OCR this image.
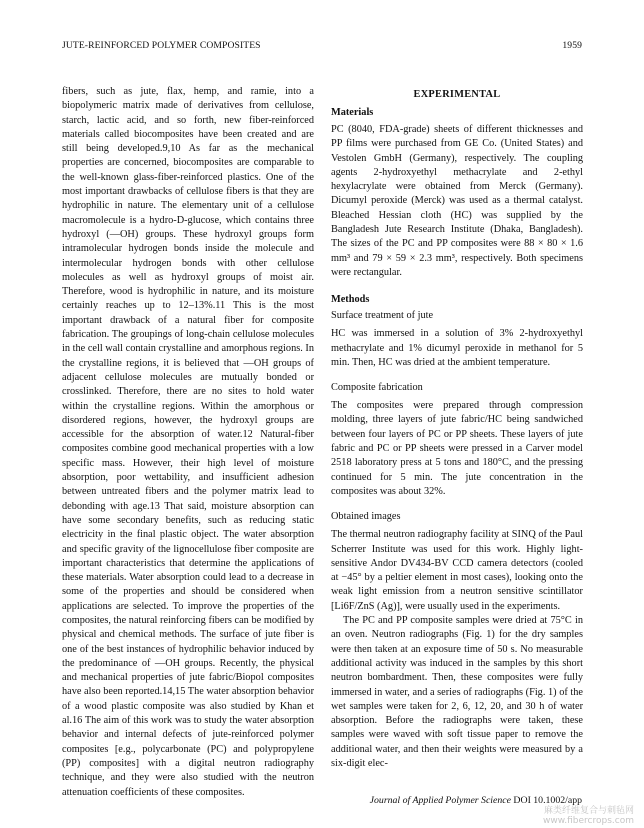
JUTE-REINFORCED POLYMER COMPOSITES	1959

fibers, such as jute, flax, hemp, and ramie, into a biopolymeric matrix made of derivatives from cellulose, starch, lactic acid, and so forth, new fiber-reinforced materials called biocomposites have been created and are still being developed.9,10 As far as the mechanical properties are concerned, biocomposites are comparable to the well-known glass-fiber-reinforced plastics. One of the most important drawbacks of cellulose fibers is that they are hydrophilic in nature. The elementary unit of a cellulose macromolecule is a hydro-D-glucose, which contains three hydroxyl (—OH) groups. These hydroxyl groups form intramolecular hydrogen bonds inside the molecule and intermolecular hydrogen bonds with other cellulose molecules as well as hydroxyl groups of moist air. Therefore, wood is hydrophilic in nature, and its moisture certainly reaches up to 12–13%.11 This is the most important drawback of a natural fiber for composite fabrication. The groupings of long-chain cellulose molecules in the cell wall contain crystalline and amorphous regions. In the crystalline regions, it is believed that —OH groups of adjacent cellulose molecules are mutually bonded or crosslinked. Therefore, there are no sites to hold water within the crystalline regions. Within the amorphous or disordered regions, however, the hydroxyl groups are accessible for the absorption of water.12 Natural-fiber composites combine good mechanical properties with a low specific mass. However, their high level of moisture absorption, poor wettability, and insufficient adhesion between untreated fibers and the polymer matrix lead to debonding with age.13 That said, moisture absorption can have some secondary benefits, such as reducing static electricity in the final plastic object. The water absorption and specific gravity of the lignocellulose fiber composite are important characteristics that determine the applications of these materials. Water absorption could lead to a decrease in some of the properties and should be considered when applications are selected. To improve the properties of the composites, the natural reinforcing fibers can be modified by physical and chemical methods. The surface of jute fiber is one of the best instances of hydrophilic behavior induced by the predominance of —OH groups. Recently, the physical and mechanical properties of jute fabric/Biopol composites have also been reported.14,15 The water absorption behavior of a wood plastic composite was also studied by Khan et al.16 The aim of this work was to study the water absorption behavior and internal defects of jute-reinforced polymer composites [e.g., polycarbonate (PC) and polypropylene (PP) composites] with a digital neutron radiography technique, and they were also studied with the neutron attenuation coefficients of these composites.

EXPERIMENTAL
Materials

PC (8040, FDA-grade) sheets of different thicknesses and PP films were purchased from GE Co. (United States) and Vestolen GmbH (Germany), respectively. The coupling agents 2-hydroxyethyl methacrylate and 2-ethyl hexylacrylate were obtained from Merck (Germany). Dicumyl peroxide (Merck) was used as a thermal catalyst. Bleached Hessian cloth (HC) was supplied by the Bangladesh Jute Research Institute (Dhaka, Bangladesh). The sizes of the PC and PP composites were 88 × 80 × 1.6 mm³ and 79 × 59 × 2.3 mm³, respectively. Both specimens were rectangular.

Methods
Surface treatment of jute

HC was immersed in a solution of 3% 2-hydroxyethyl methacrylate and 1% dicumyl peroxide in methanol for 5 min. Then, HC was dried at the ambient temperature.

Composite fabrication

The composites were prepared through compression molding, three layers of jute fabric/HC being sandwiched between four layers of PC or PP sheets. These layers of jute fabric and PC or PP sheets were pressed in a Carver model 2518 laboratory press at 5 tons and 180°C, and the pressing continued for 5 min. The jute concentration in the composites was about 32%.

Obtained images

The thermal neutron radiography facility at SINQ of the Paul Scherrer Institute was used for this work. Highly light-sensitive Andor DV434-BV CCD camera detectors (cooled at −45° by a peltier element in most cases), looking onto the weak light emission from a neutron sensitive scintillator [Li6F/ZnS (Ag)], were usually used in the experiments.

The PC and PP composite samples were dried at 75°C in an oven. Neutron radiographs (Fig. 1) for the dry samples were then taken at an exposure time of 50 s. No measurable additional activity was induced in the samples by this short neutron bombardment. Then, these composites were fully immersed in water, and a series of radiographs (Fig. 1) of the wet samples were taken for 2, 6, 12, 20, and 30 h of water absorption. Before the radiographs were taken, these samples were waved with soft tissue paper to remove the additional water, and then their weights were measured by a six-digit elec-

Journal of Applied Polymer Science DOI 10.1002/app
麻类纤维复合与刺毡网
www.fibercrops.com
